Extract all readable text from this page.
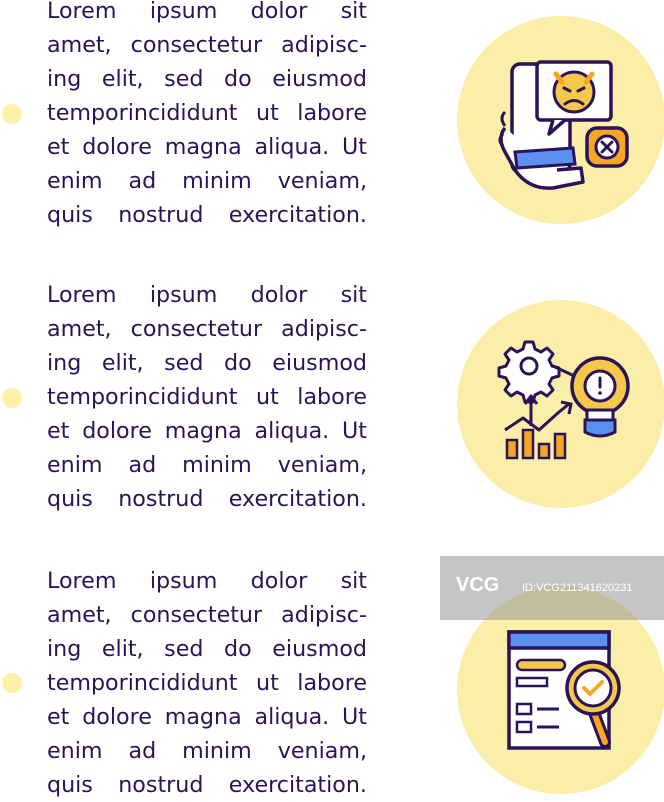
Lorem ipsum dolor sit
amet, consectetur adipisc-
ing elit, sed do eiusmod
temporincididunt ut labore
et dolore magna aliqua. Ut
enim ad minim veniam,
quis nostrud exercitation.
Lorem ipsum dolor sit
amet, consectetur adipisc-
ing elit, sed do eiusmod
temporincididunt ut labore
et dolore magna aliqua. Ut
enim ad minim veniam,
quis nostrud exercitation.
Lorem ipsum dolor sit
amet, consectetur adipisc-
ing elit, sed do eiusmod
temporincididunt ut labore
et dolore magna aliqua. Ut
enim ad minim veniam,
quis nostrud exercitation.
VCG ID:VCG211341620231
